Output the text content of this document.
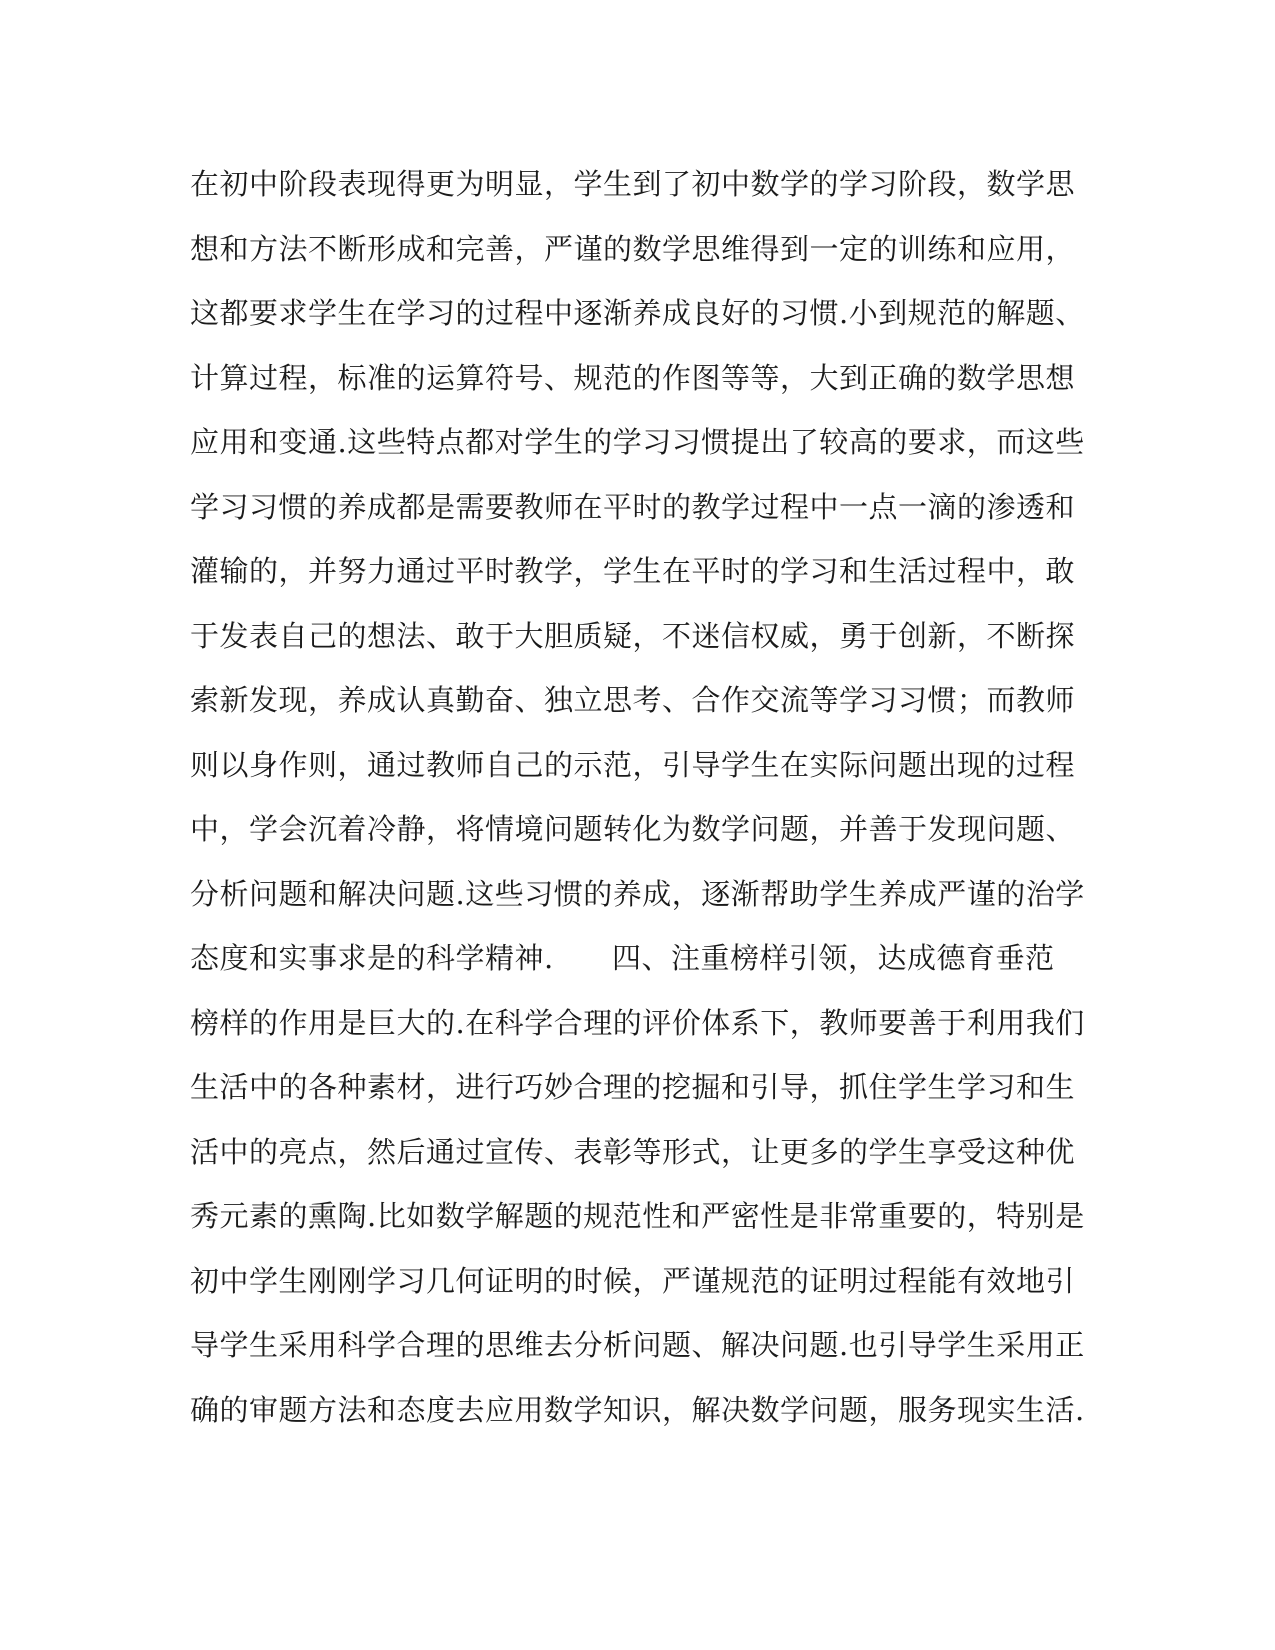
在初中阶段表现得更为明显，学生到了初中数学的学习阶段，数学思
想和方法不断形成和完善，严谨的数学思维得到一定的训练和应用，
这都要求学生在学习的过程中逐渐养成良好的习惯.小到规范的解题、
计算过程，标准的运算符号、规范的作图等等，大到正确的数学思想
应用和变通.这些特点都对学生的学习习惯提出了较高的要求，而这些
学习习惯的养成都是需要教师在平时的教学过程中一点一滴的渗透和
灌输的，并努力通过平时教学，学生在平时的学习和生活过程中，敢
于发表自己的想法、敢于大胆质疑，不迷信权威，勇于创新，不断探
索新发现，养成认真勤奋、独立思考、合作交流等学习习惯；而教师
则以身作则，通过教师自己的示范，引导学生在实际问题出现的过程
中，学会沉着冷静，将情境问题转化为数学问题，并善于发现问题、
分析问题和解决问题.这些习惯的养成，逐渐帮助学生养成严谨的治学
态度和实事求是的科学精神.      四、注重榜样引领，达成德育垂范
榜样的作用是巨大的.在科学合理的评价体系下，教师要善于利用我们
生活中的各种素材，进行巧妙合理的挖掘和引导，抓住学生学习和生
活中的亮点，然后通过宣传、表彰等形式，让更多的学生享受这种优
秀元素的熏陶.比如数学解题的规范性和严密性是非常重要的，特别是
初中学生刚刚学习几何证明的时候，严谨规范的证明过程能有效地引
导学生采用科学合理的思维去分析问题、解决问题.也引导学生采用正
确的审题方法和态度去应用数学知识，解决数学问题，服务现实生活.
